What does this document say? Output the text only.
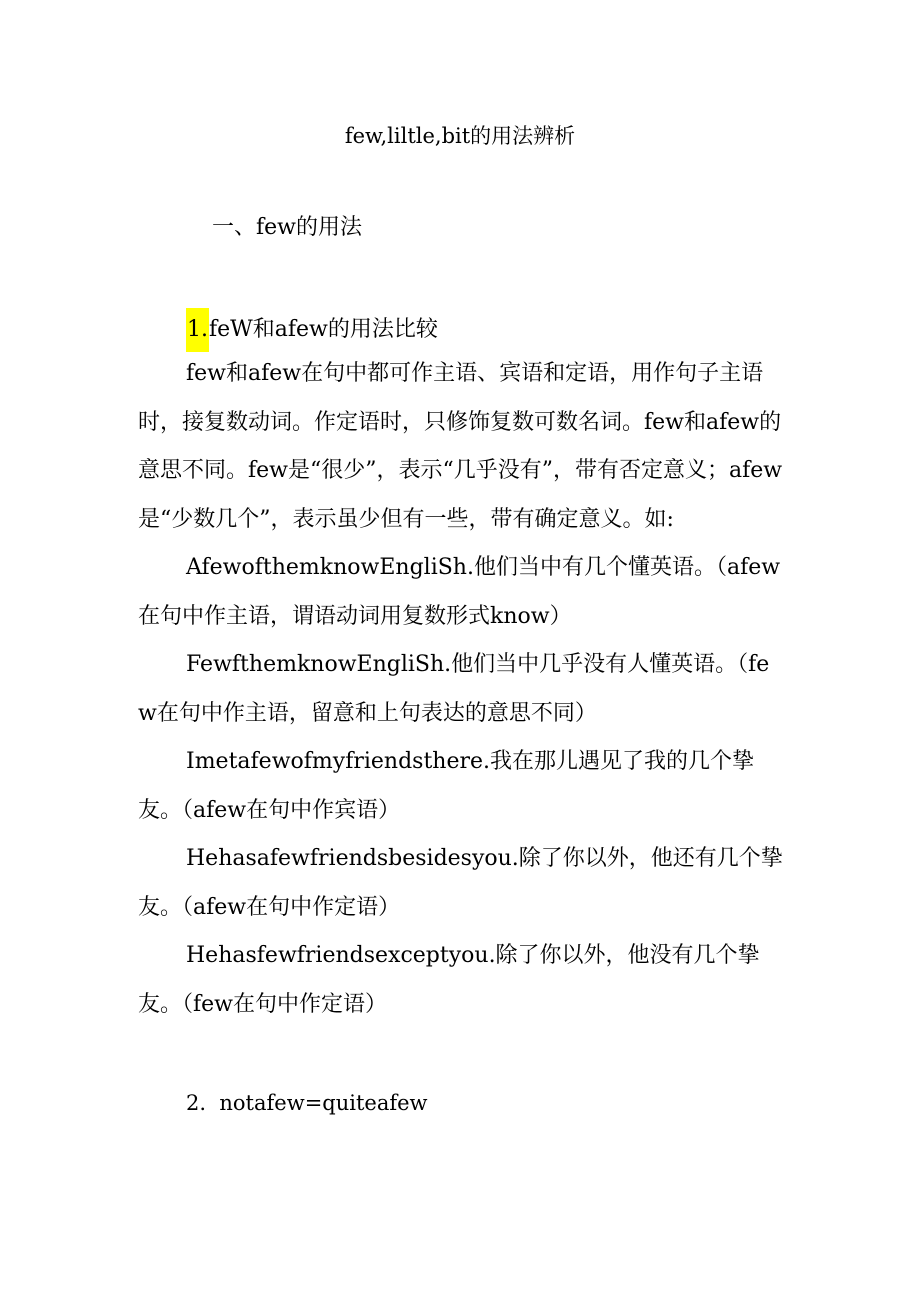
few,liltle,bit的用法辨析
一、few的用法
1.feW和afew的用法比较

few和afew在句中都可作主语、宾语和定语，用作句子主语时，接复数动词。作定语时，只修饰复数可数名词。few和afew的意思不同。few是“很少”，表示“几乎没有”，带有否定意义；afew是“少数几个”，表示虽少但有一些，带有确定意义。如:

AfewofthemknowEngliSh.他们当中有几个懂英语。（afew在句中作主语，谓语动词用复数形式know）

FewfthemknowEngliSh.他们当中几乎没有人懂英语。（few在句中作主语，留意和上句表达的意思不同）

Imetafewofmyfriendsthere.我在那儿遇见了我的几个挚友。（afew在句中作宾语）

Hehasafewfriendsbesidesyou.除了你以外，他还有几个挚友。（afew在句中作定语）

Hehasfewfriendsexceptyou.除了你以外，他没有几个挚友。（few在句中作定语）

2.  notafew=quiteafew
